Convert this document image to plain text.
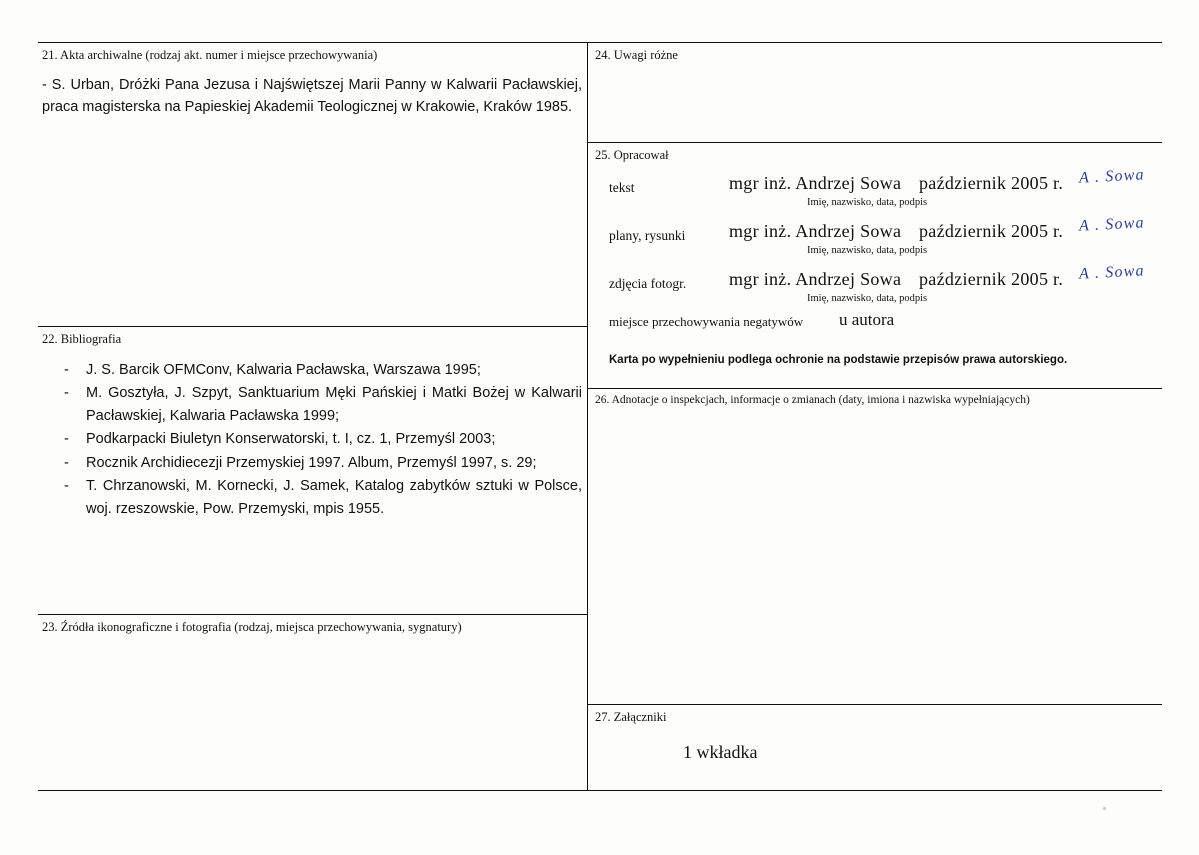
21. Akta archiwalne (rodzaj akt. numer i miejsce przechowywania)
- S. Urban, Dróżki Pana Jezusa i Najświętszej Marii Panny w Kalwarii Pacławskiej, praca magisterska na Papieskiej Akademii Teologicznej w Krakowie, Kraków 1985.
22. Bibliografia
-	J. S. Barcik OFMConv, Kalwaria Pacławska, Warszawa 1995;
-	M. Gosztyła, J. Szpyt, Sanktuarium Męki Pańskiej i Matki Bożej w Kalwarii Pacławskiej, Kalwaria Pacławska 1999;
-	Podkarpacki Biuletyn Konserwatorski, t. I, cz. 1, Przemyśl 2003;
-	Rocznik Archidiecezji Przemyskiej 1997. Album, Przemyśl 1997, s. 29;
-	T. Chrzanowski, M. Kornecki, J. Samek, Katalog zabytków sztuki w Polsce, woj. rzeszowskie, Pow. Przemyski, mpis 1955.
23. Źródła ikonograficzne i fotografia (rodzaj, miejsca przechowywania, sygnatury)
24. Uwagi różne
25. Opracował
tekst	mgr inż. Andrzej Sowa październik 2005 r.
Imię, nazwisko, data, podpis
A . Sowa
plany, rysunki mgr inż. Andrzej Sowa październik 2005 r.
Imię, nazwisko, data, podpis
A . Sowa
zdjęcia fotogr. mgr inż. Andrzej Sowa październik 2005 r.
Imię, nazwisko, data, podpis
A . Sowa
miejsce przechowywania negatywów u autora
Karta po wypełnieniu podlega ochronie na podstawie przepisów prawa autorskiego.
26. Adnotacje o inspekcjach, informacje o zmianach (daty, imiona i nazwiska wypełniających)
27. Załączniki
1 wkładka
